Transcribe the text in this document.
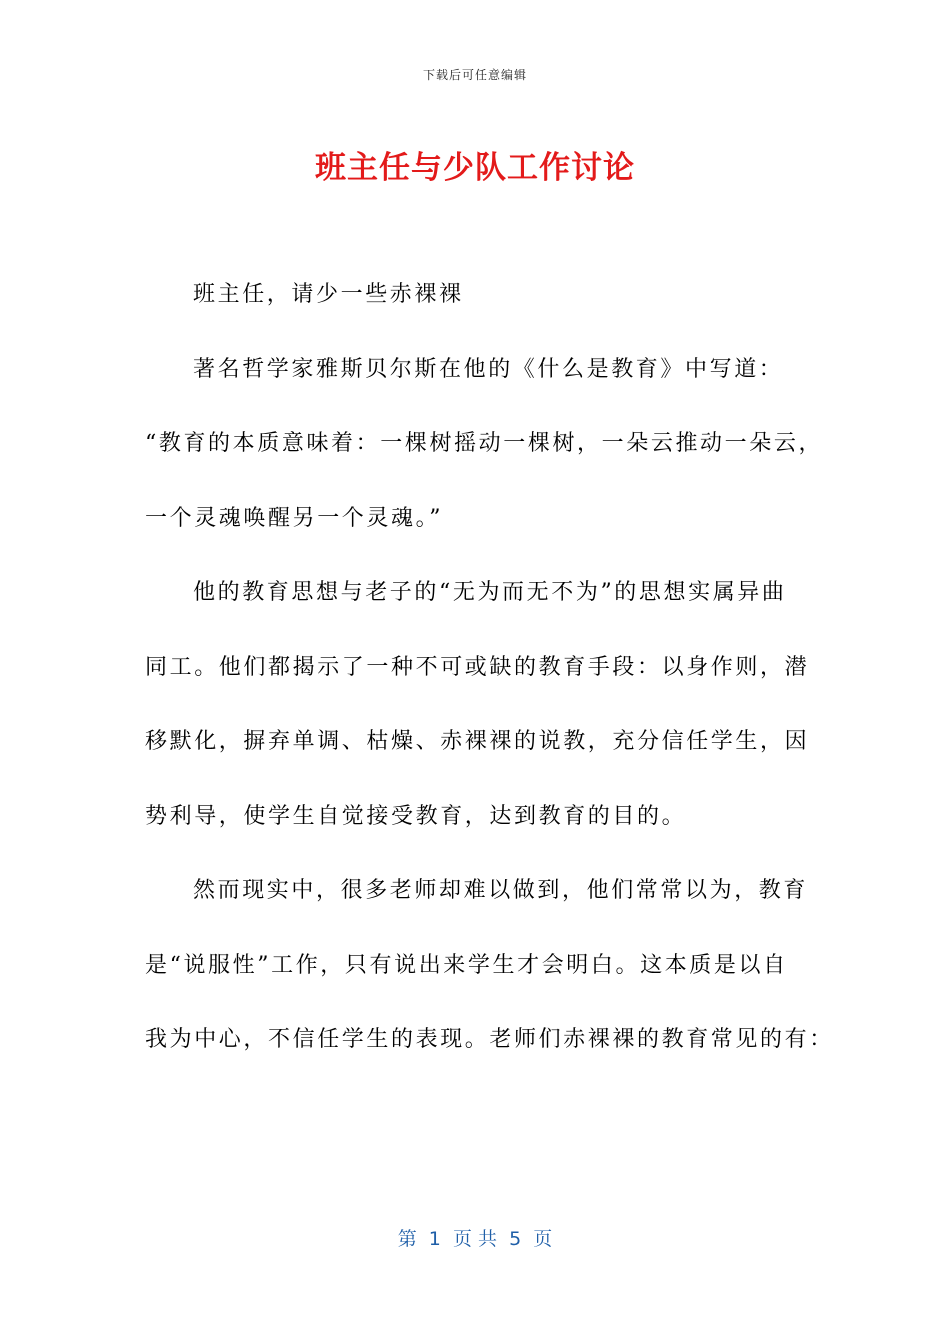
下载后可任意编辑
班主任与少队工作讨论
班主任，请少一些赤裸裸
著名哲学家雅斯贝尔斯在他的《什么是教育》中写道：
“教育的本质意味着：一棵树摇动一棵树，一朵云推动一朵云，
一个灵魂唤醒另一个灵魂。”
他的教育思想与老子的“无为而无不为”的思想实属异曲
同工。他们都揭示了一种不可或缺的教育手段：以身作则，潜
移默化，摒弃单调、枯燥、赤裸裸的说教，充分信任学生，因
势利导，使学生自觉接受教育，达到教育的目的。
然而现实中，很多老师却难以做到，他们常常以为，教育
是“说服性”工作，只有说出来学生才会明白。这本质是以自
我为中心，不信任学生的表现。老师们赤裸裸的教育常见的有：
第  1  页 共  5  页
